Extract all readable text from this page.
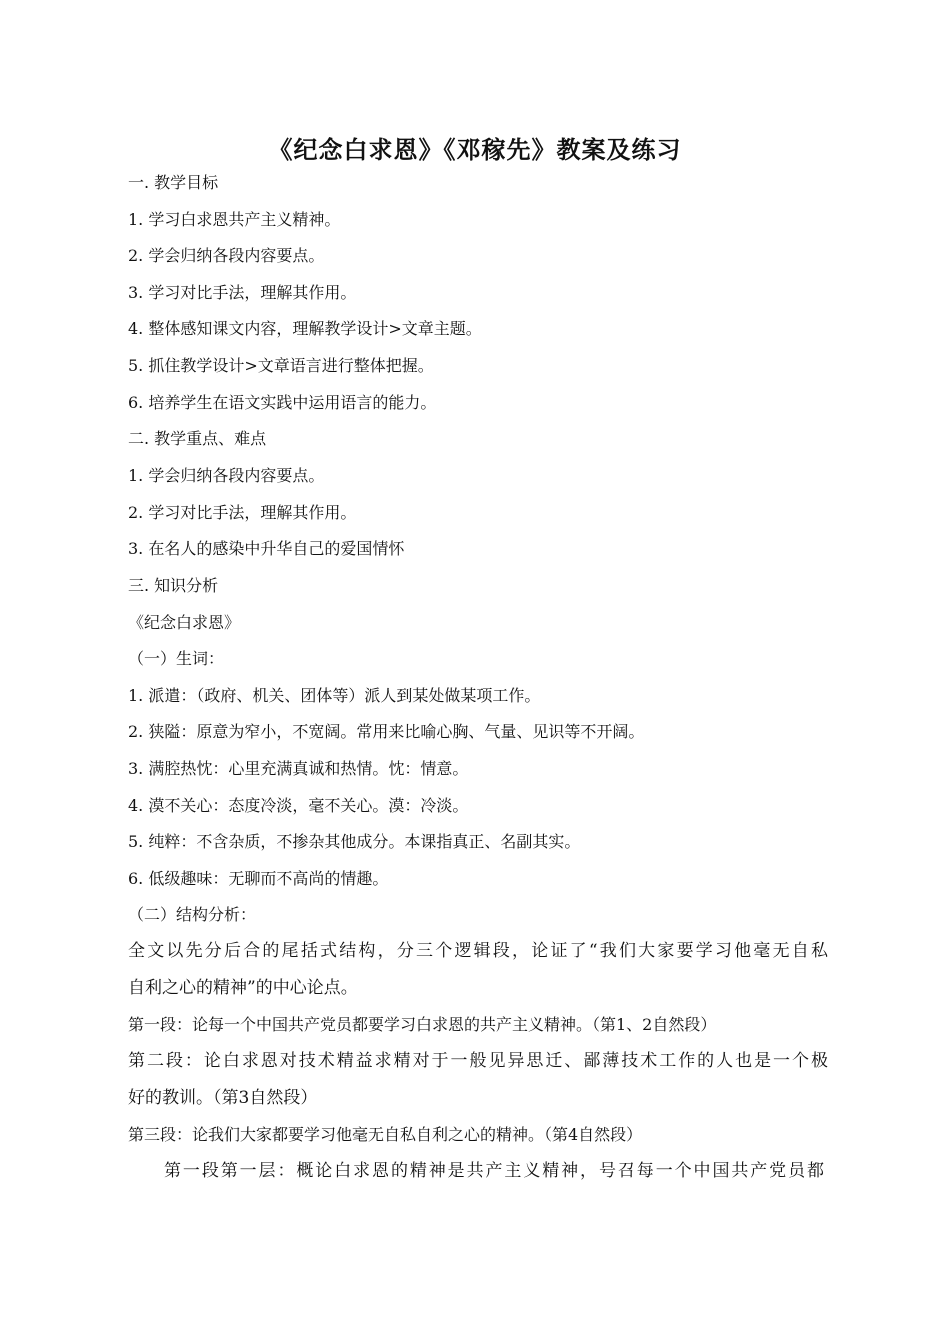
《纪念白求恩》《邓稼先》教案及练习
一. 教学目标
1. 学习白求恩共产主义精神。
2. 学会归纳各段内容要点。
3. 学习对比手法，理解其作用。
4. 整体感知课文内容，理解教学设计>文章主题。
5. 抓住教学设计>文章语言进行整体把握。
6. 培养学生在语文实践中运用语言的能力。
二. 教学重点、难点
1. 学会归纳各段内容要点。
2. 学习对比手法，理解其作用。
3. 在名人的感染中升华自己的爱国情怀
三. 知识分析
《纪念白求恩》
（一）生词：
1. 派遣：（政府、机关、团体等）派人到某处做某项工作。
2. 狭隘：原意为窄小，不宽阔。常用来比喻心胸、气量、见识等不开阔。
3. 满腔热忱：心里充满真诚和热情。忱：情意。
4. 漠不关心：态度冷淡，毫不关心。漠：冷淡。
5. 纯粹：不含杂质，不掺杂其他成分。本课指真正、名副其实。
6. 低级趣味：无聊而不高尚的情趣。
（二）结构分析：
全文以先分后合的尾括式结构，分三个逻辑段，论证了“我们大家要学习他毫无自私
自利之心的精神”的中心论点。
第一段：论每一个中国共产党员都要学习白求恩的共产主义精神。（第1、2自然段）
第二段：论白求恩对技术精益求精对于一般见异思迁、鄙薄技术工作的人也是一个极
好的教训。（第3自然段）
第三段：论我们大家都要学习他毫无自私自利之心的精神。（第4自然段）
第一段第一层：概论白求恩的精神是共产主义精神，号召每一个中国共产党员都
